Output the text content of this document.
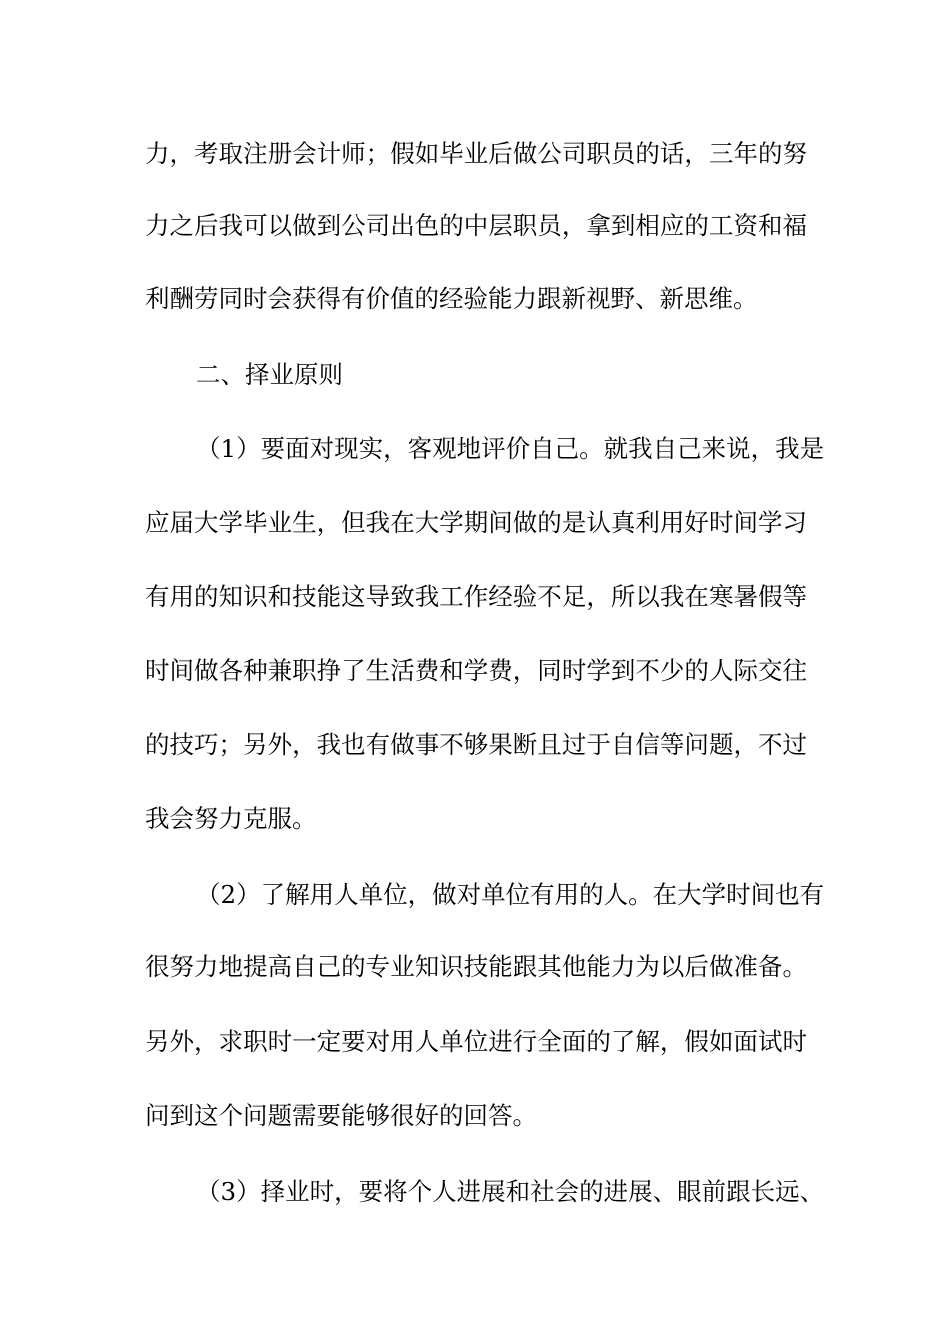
力，考取注册会计师；假如毕业后做公司职员的话，三年的努
力之后我可以做到公司出色的中层职员，拿到相应的工资和福
利酬劳同时会获得有价值的经验能力跟新视野、新思维。
二、择业原则
（1）要面对现实，客观地评价自己。就我自己来说，我是
应届大学毕业生，但我在大学期间做的是认真利用好时间学习
有用的知识和技能这导致我工作经验不足，所以我在寒暑假等
时间做各种兼职挣了生活费和学费，同时学到不少的人际交往
的技巧；另外，我也有做事不够果断且过于自信等问题，不过
我会努力克服。
（2）了解用人单位，做对单位有用的人。在大学时间也有
很努力地提高自己的专业知识技能跟其他能力为以后做准备。
另外，求职时一定要对用人单位进行全面的了解，假如面试时
问到这个问题需要能够很好的回答。
（3）择业时，要将个人进展和社会的进展、眼前跟长远、
